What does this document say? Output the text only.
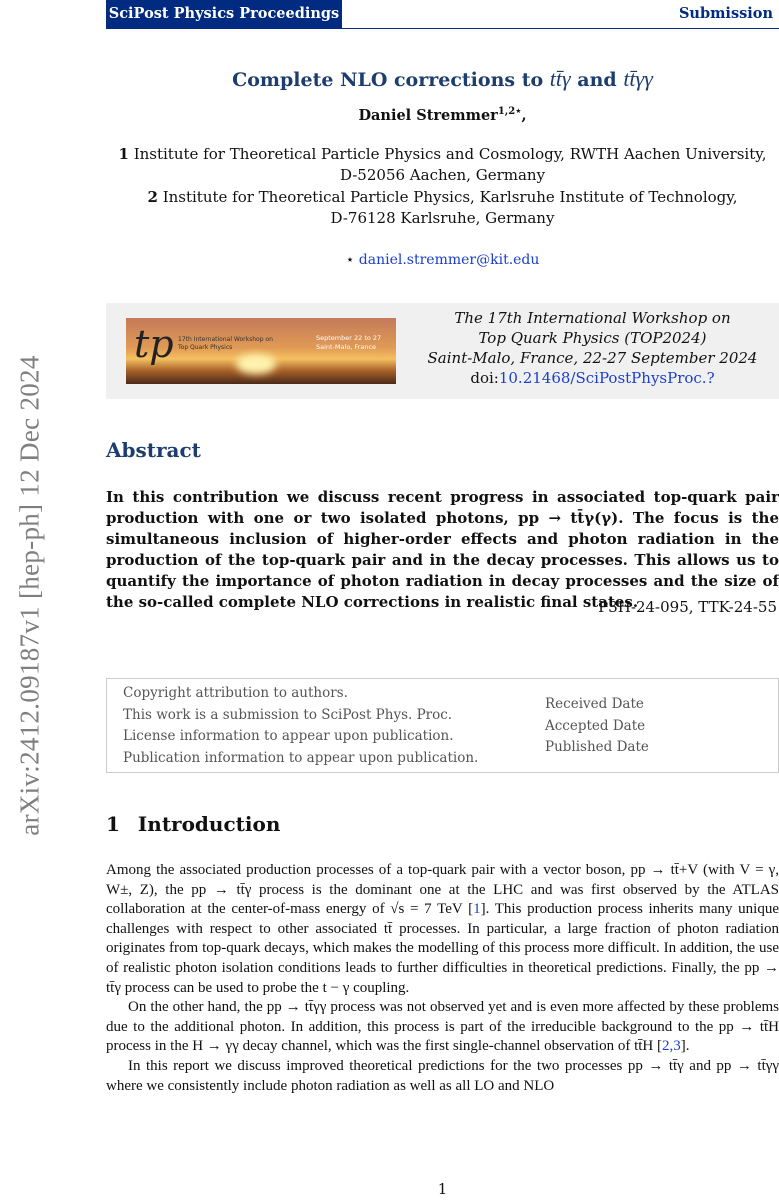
SciPost Physics Proceedings	Submission
arXiv:2412.09187v1 [hep-ph] 12 Dec 2024
Complete NLO corrections to tt̄γ and tt̄γγ
Daniel Stremmer$^{1,2⋆}$,
1 Institute for Theoretical Particle Physics and Cosmology, RWTH Aachen University,
D-52056 Aachen, Germany
2 Institute for Theoretical Particle Physics, Karlsruhe Institute of Technology,
D-76128 Karlsruhe, Germany
⋆ daniel.stremmer@kit.edu
tp 17th International Workshop on Top Quark Physics
September 22 to 27 Saint-Malo, France
The 17th International Workshop on
Top Quark Physics (TOP2024)
Saint-Malo, France, 22-27 September 2024
doi:10.21468/SciPostPhysProc.?
Abstract
In this contribution we discuss recent progress in associated top-quark pair production with one or two isolated photons, pp → tt̄γ(γ). The focus is the simultaneous inclusion of higher-order effects and photon radiation in the production of the top-quark pair and in the decay processes. This allows us to quantify the importance of photon radiation in decay processes and the size of the so-called complete NLO corrections in realistic final states.
P3H-24-095, TTK-24-55
Copyright attribution to authors.
This work is a submission to SciPost Phys. Proc.
License information to appear upon publication.
Publication information to appear upon publication.
Received Date
Accepted Date
Published Date
1 Introduction

Among the associated production processes of a top-quark pair with a vector boson, pp → tt̄+V (with V = γ, W±, Z), the pp → tt̄γ process is the dominant one at the LHC and was first observed by the ATLAS collaboration at the center-of-mass energy of √s = 7 TeV [1]. This production process inherits many unique challenges with respect to other associated tt̄ processes. In particular, a large fraction of photon radiation originates from top-quark decays, which makes the modelling of this process more difficult. In addition, the use of realistic photon isolation conditions leads to further difficulties in theoretical predictions. Finally, the pp → tt̄γ process can be used to probe the t − γ coupling.

On the other hand, the pp → tt̄γγ process was not observed yet and is even more affected by these problems due to the additional photon. In addition, this process is part of the irreducible background to the pp → tt̄H process in the H → γγ decay channel, which was the first single-channel observation of tt̄H [2,3].

In this report we discuss improved theoretical predictions for the two processes pp → tt̄γ and pp → tt̄γγ where we consistently include photon radiation as well as all LO and NLO

1
